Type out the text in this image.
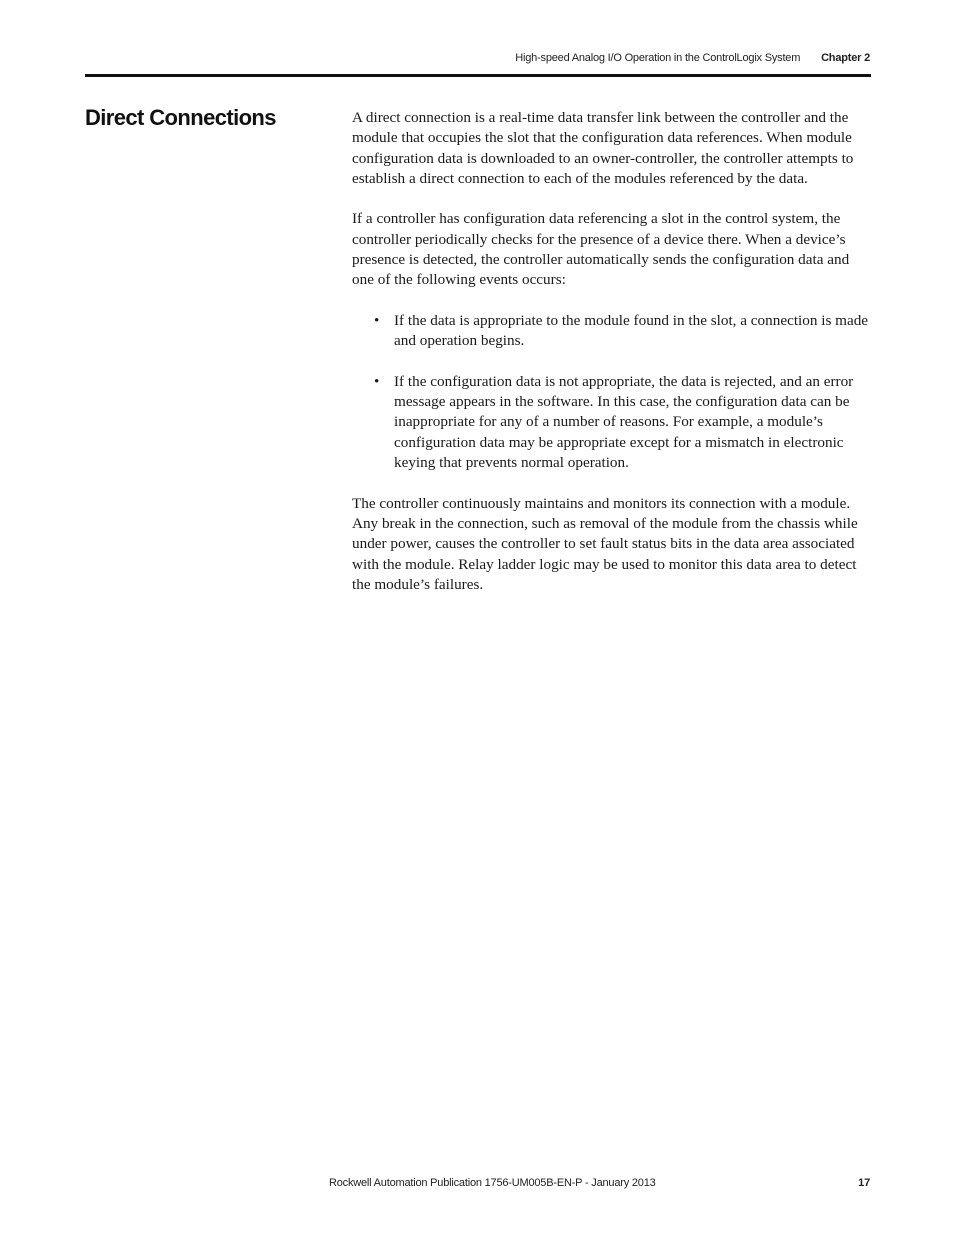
High-speed Analog I/O Operation in the ControlLogix System Chapter 2
Direct Connections	A direct connection is a real-time data transfer link between the controller and the module that occupies the slot that the configuration data references. When module configuration data is downloaded to an owner-controller, the controller attempts to establish a direct connection to each of the modules referenced by the data.

If a controller has configuration data referencing a slot in the control system, the controller periodically checks for the presence of a device there. When a device’s presence is detected, the controller automatically sends the configuration data and one of the following events occurs:

• If the data is appropriate to the module found in the slot, a connection is made and operation begins.
• If the configuration data is not appropriate, the data is rejected, and an error message appears in the software. In this case, the configuration data can be inappropriate for any of a number of reasons. For example, a module’s configuration data may be appropriate except for a mismatch in electronic keying that prevents normal operation.

The controller continuously maintains and monitors its connection with a module. Any break in the connection, such as removal of the module from the chassis while under power, causes the controller to set fault status bits in the data area associated with the module. Relay ladder logic may be used to monitor this data area to detect the module’s failures.

Rockwell Automation Publication 1756-UM005B-EN-P - January 2013	17
